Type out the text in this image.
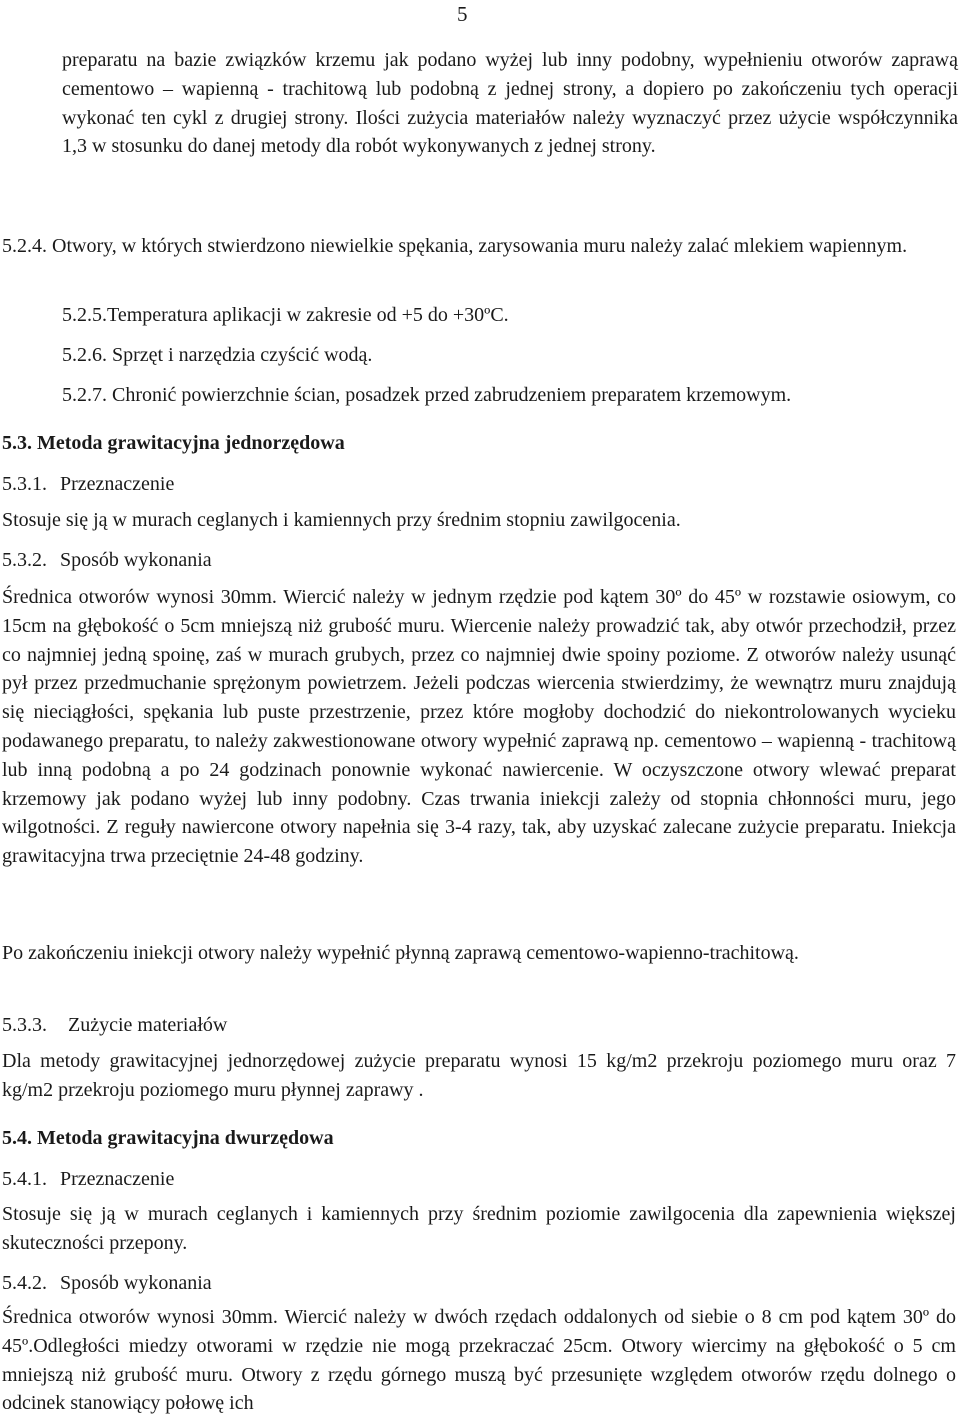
5

preparatu na bazie związków krzemu jak podano wyżej lub inny podobny, wypełnieniu otworów zaprawą cementowo – wapienną - trachitową lub podobną z jednej strony, a dopiero po zakończeniu tych operacji wykonać ten cykl z drugiej strony. Ilości zużycia materiałów należy wyznaczyć przez użycie współczynnika 1,3 w stosunku do danej metody dla robót wykonywanych z jednej strony.

5.2.4. Otwory, w których stwierdzono niewielkie spękania, zarysowania muru należy zalać mlekiem wapiennym.

5.2.5.Temperatura aplikacji w zakresie od +5 do +30ºC.

5.2.6. Sprzęt i narzędzia czyścić wodą.

5.2.7. Chronić powierzchnie ścian, posadzek przed zabrudzeniem preparatem krzemowym.

5.3. Metoda grawitacyjna jednorzędowa

5.3.1. Przeznaczenie

Stosuje się ją w murach ceglanych i kamiennych przy średnim stopniu zawilgocenia.

5.3.2. Sposób wykonania

Średnica otworów wynosi 30mm. Wiercić należy w jednym rzędzie pod kątem 30º do 45º w rozstawie osiowym, co 15cm na głębokość o 5cm mniejszą niż grubość muru. Wiercenie należy prowadzić tak, aby otwór przechodził, przez co najmniej jedną spoinę, zaś w murach grubych, przez co najmniej dwie spoiny poziome. Z otworów należy usunąć pył przez przedmuchanie sprężonym powietrzem. Jeżeli podczas wiercenia stwierdzimy, że wewnątrz muru znajdują się nieciągłości, spękania lub puste przestrzenie, przez które mogłoby dochodzić do niekontrolowanych wycieku podawanego preparatu, to należy zakwestionowane otwory wypełnić zaprawą np. cementowo – wapienną - trachitową lub inną podobną a po 24 godzinach ponownie wykonać nawiercenie. W oczyszczone otwory wlewać preparat krzemowy jak podano wyżej lub inny podobny. Czas trwania iniekcji zależy od stopnia chłonności muru, jego wilgotności. Z reguły nawiercone otwory napełnia się 3-4 razy, tak, aby uzyskać zalecane zużycie preparatu. Iniekcja grawitacyjna trwa przeciętnie 24-48 godziny.

Po zakończeniu iniekcji otwory należy wypełnić płynną zaprawą cementowo-wapienno-trachitową.

5.3.3. Zużycie materiałów

Dla metody grawitacyjnej jednorzędowej zużycie preparatu wynosi 15 kg/m2 przekroju poziomego muru oraz 7 kg/m2 przekroju poziomego muru płynnej zaprawy .

5.4. Metoda grawitacyjna dwurzędowa

5.4.1. Przeznaczenie

Stosuje się ją w murach ceglanych i kamiennych przy średnim poziomie zawilgocenia dla zapewnienia większej skuteczności przepony.

5.4.2. Sposób wykonania

Średnica otworów wynosi 30mm. Wiercić należy w dwóch rzędach oddalonych od siebie o 8 cm pod kątem 30º do 45º.Odległości miedzy otworami w rzędzie nie mogą przekraczać 25cm. Otwory wiercimy na głębokość o 5 cm mniejszą niż grubość muru. Otwory z rzędu górnego muszą być przesunięte względem otworów rzędu dolnego o odcinek stanowiący połowę ich
